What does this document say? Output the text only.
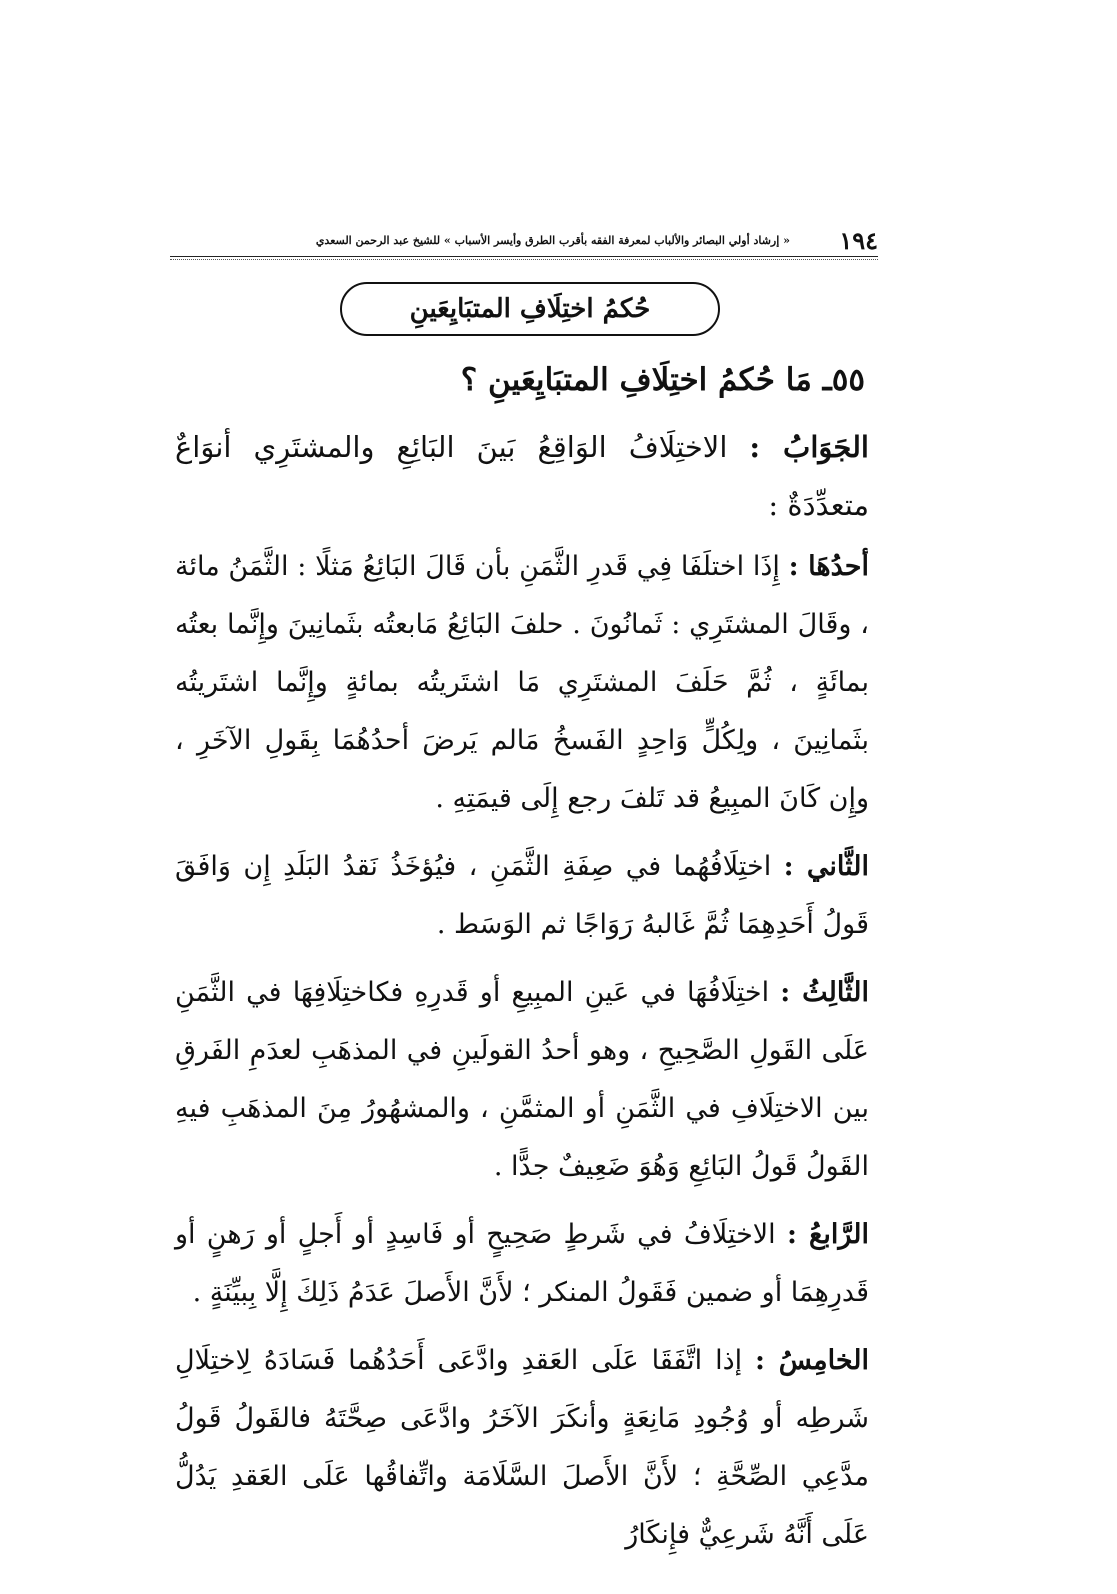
١٩٤
« إرشاد أولي البصائر والألباب لمعرفة الفقه بأقرب الطرق وأيسر الأسباب » للشيخ عبد الرحمن السعدي
حُكمُ اختِلَافِ المتبَايِعَينِ
٥٥ـ مَا حُكمُ اختِلَافِ المتبَايِعَينِ ؟

الجَوَابُ : الاختِلَافُ الوَاقِعُ بَينَ البَائِعِ والمشتَرِي أنوَاعٌ متعدِّدَةٌ :

أحدُهَا : إِذَا اختلَفَا فِي قَدرِ الثَّمَنِ بأن قَالَ البَائِعُ مَثلًا : الثَّمَنُ مائة ، وقَالَ المشتَرِي : ثَمانُونَ . حلفَ البَائِعُ مَابعتُه بثَمانِينَ وإِنَّما بعتُه بمائَةٍ ، ثُمَّ حَلَفَ المشتَرِي مَا اشتَريتُه بمائةٍ وإِنَّما اشتَريتُه بثَمانِينَ ، ولِكُلٍّ وَاحِدٍ الفَسخُ مَالم يَرضَ أحدُهُمَا بِقَولِ الآخَرِ ، وإِن كَانَ المبِيعُ قد تَلفَ رجع إِلَى قيمَتِهِ .

الثَّاني : اختِلَافُهُما في صِفَةِ الثَّمَنِ ، فيُؤخَذُ نَقدُ البَلَدِ إِن وَافَقَ قَولُ أَحَدِهِمَا ثُمَّ غَالبهُ رَوَاجًا ثم الوَسَط .

الثَّالِثُ : اختِلَافُهَا في عَينِ المبِيعِ أو قَدرِهِ فكاختِلَافِهَا في الثَّمَنِ عَلَى القَولِ الصَّحِيحِ ، وهو أحدُ القولَينِ في المذهَبِ لعدَمِ الفَرقِ بين الاختِلَافِ في الثَّمَنِ أو المثمَّنِ ، والمشهُورُ مِنَ المذهَبِ فيهِ القَولُ قَولُ البَائِعِ وَهُوَ ضَعِيفٌ جدًّا .

الرَّابعُ : الاختِلَافُ في شَرطٍ صَحِيحٍ أو فَاسِدٍ أو أَجلٍ أو رَهنٍ أو قَدرِهِمَا أو ضمين فَقَولُ المنكر ؛ لأَنَّ الأَصلَ عَدَمُ ذَلِكَ إِلَّا بِبيِّنَةٍ .

الخامِسُ : إذا اتَّفَقَا عَلَى العَقدِ وادَّعَى أَحَدُهُما فَسَادَهُ لِاختِلَالِ شَرطِه أو وُجُودِ مَانِعَةٍ وأنكَرَ الآخَرُ وادَّعَى صِحَّتَهُ فالقَولُ قَولُ مدَّعِي الصِّحَّةِ ؛ لأَنَّ الأَصلَ السَّلَامَة واتِّفاقُها عَلَى العَقدِ يَدُلُّ عَلَى أَنَّهُ شَرعِيٌّ فإِنكَارُ
